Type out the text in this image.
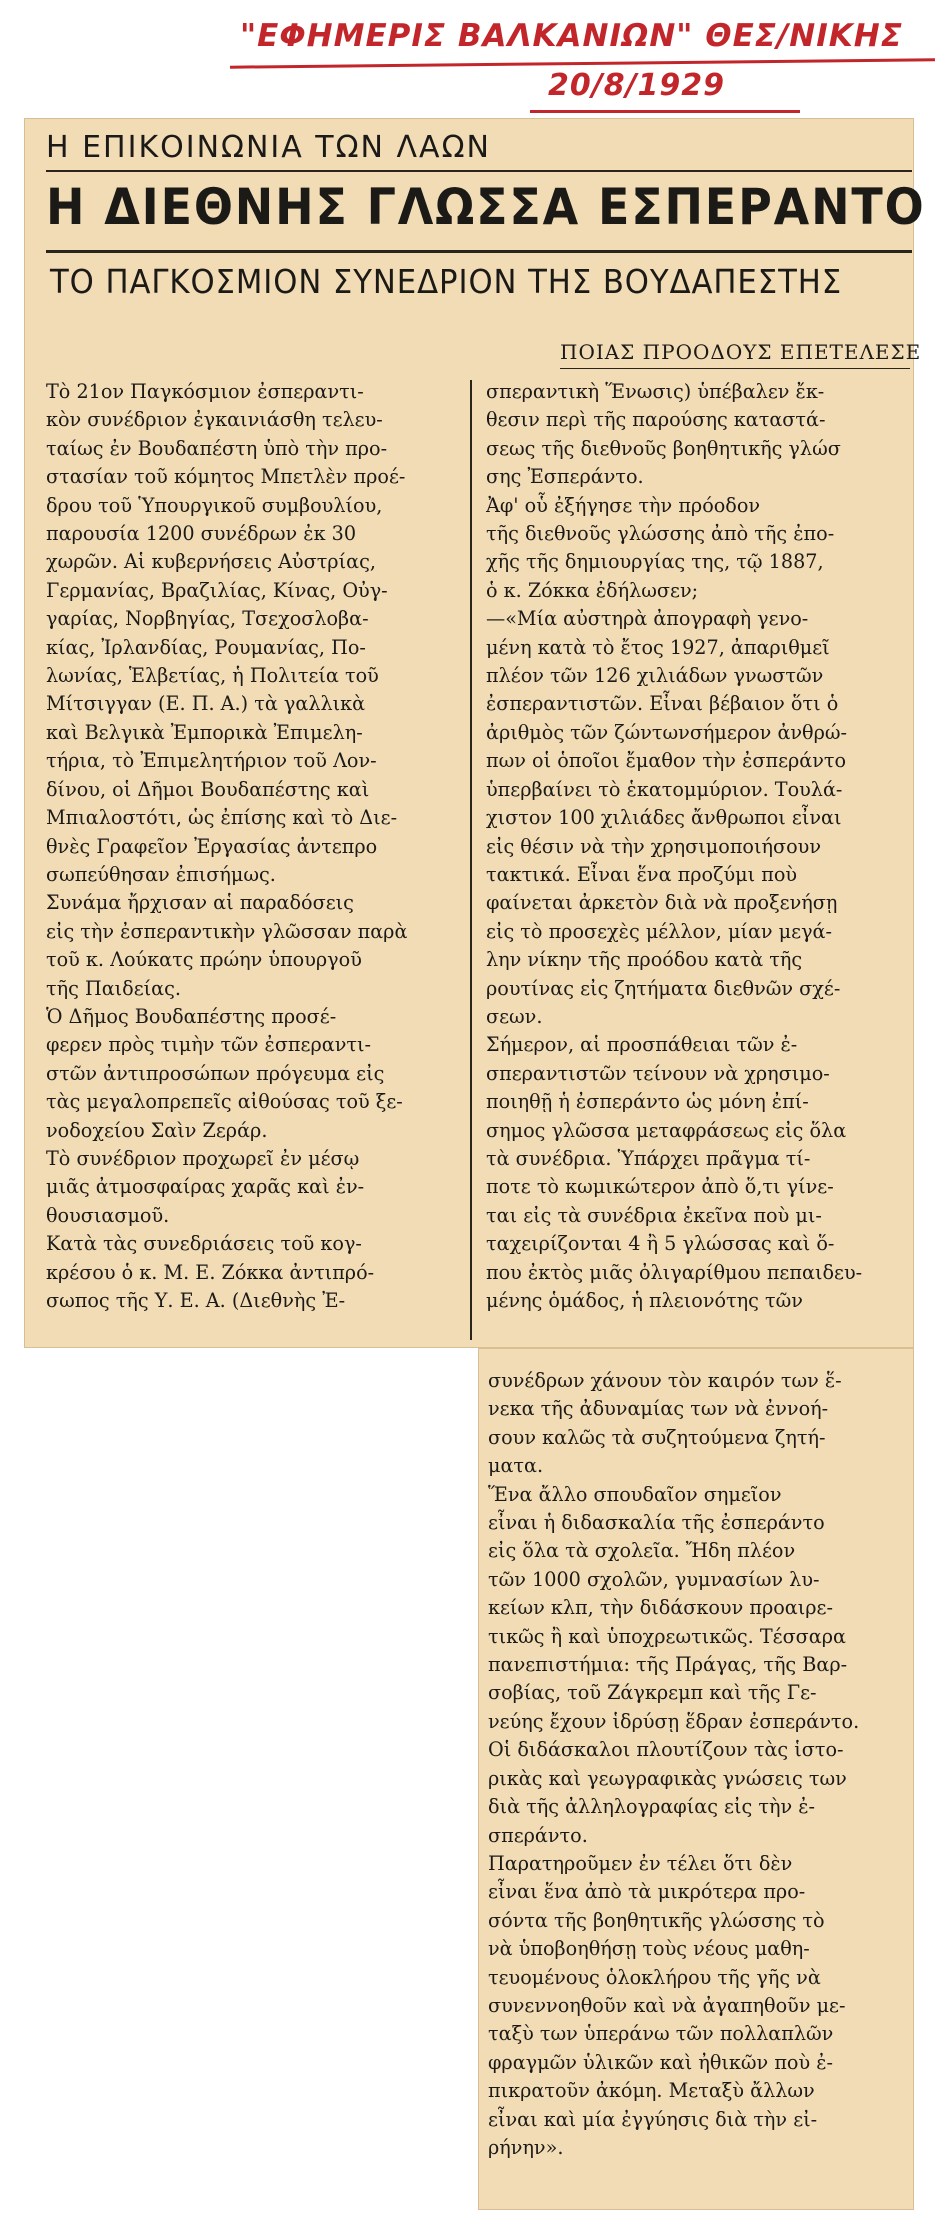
"ΕΦΗΜΕΡΙΣ ΒΑΛΚΑΝΙΩΝ" ΘΕΣ/ΝΙΚΗΣ
20/8/1929
Η ΕΠΙΚΟΙΝΩΝΙΑ ΤΩΝ ΛΑΩΝ
Η ΔΙΕΘΝΗΣ ΓΛΩΣΣΑ ΕΣΠΕΡΑΝΤΟ
ΤΟ ΠΑΓΚΟΣΜΙΟΝ ΣΥΝΕΔΡΙΟΝ ΤΗΣ ΒΟΥΔΑΠΕΣΤΗΣ
ΠΟΙΑΣ ΠΡΟΟΔΟΥΣ ΕΠΕΤΕΛΕΣΕ
Τὸ 21ον Παγκόσμιον ἐσπεραντι-
κὸν συνέδριον ἐγκαινιάσθη τελευ-
ταίως ἐν Βουδαπέστη ὑπὸ τὴν προ-
στασίαν τοῦ κόμητος Μπετλὲν προέ-
δρου τοῦ Ὑπουργικοῦ συμβουλίου,
παρουσία 1200 συνέδρων ἐκ 30
χωρῶν. Αἱ κυβερνήσεις Αὐστρίας,
Γερμανίας, Βραζιλίας, Κίνας, Οὐγ-
γαρίας, Νορβηγίας, Τσεχοσλοβα-
κίας, Ἰρλανδίας, Ρουμανίας, Πο-
λωνίας, Ἑλβετίας, ἡ Πολιτεία τοῦ
Μίτσιγγαν (Ε. Π. Α.) τὰ γαλλικὰ
καὶ Βελγικὰ Ἐμπορικὰ Ἐπιμελη-
τήρια, τὸ Ἐπιμελητήριον τοῦ Λον-
δίνου, οἱ Δῆμοι Βουδαπέστης καὶ
Μπιαλοστότι, ὡς ἐπίσης καὶ τὸ Διε-
θνὲς Γραφεῖον Ἐργασίας ἀντεπρο
σωπεύθησαν ἐπισήμως.
Συνάμα ἤρχισαν αἱ παραδόσεις
εἰς τὴν ἐσπεραντικὴν γλῶσσαν παρὰ
τοῦ κ. Λούκατς πρώην ὑπουργοῦ
τῆς Παιδείας.
Ὁ Δῆμος Βουδαπέστης προσέ-
φερεν πρὸς τιμὴν τῶν ἐσπεραντι-
στῶν ἀντιπροσώπων πρόγευμα εἰς
τὰς μεγαλοπρεπεῖς αἰθούσας τοῦ ξε-
νοδοχείου Σαὶν Ζεράρ.
Τὸ συνέδριον προχωρεῖ ἐν μέσῳ
μιᾶς ἀτμοσφαίρας χαρᾶς καὶ ἐν-
θουσιασμοῦ.
Κατὰ τὰς συνεδριάσεις τοῦ κογ-
κρέσου ὁ κ. Μ. Ε. Ζόκκα ἀντιπρό-
σωπος τῆς Υ. Ε. Α. (Διεθνὴς Ἐ-
σπεραντικὴ Ἕνωσις) ὑπέβαλεν ἔκ-
θεσιν περὶ τῆς παρούσης καταστά-
σεως τῆς διεθνοῦς βοηθητικῆς γλώσ
σης Ἐσπεράντο.
Ἀφ' οὗ ἐξήγησε τὴν πρόοδον
τῆς διεθνοῦς γλώσσης ἀπὸ τῆς ἐπο-
χῆς τῆς δημιουργίας της, τῷ 1887,
ὁ κ. Ζόκκα ἐδήλωσεν;
—«Μία αὐστηρὰ ἀπογραφὴ γενο-
μένη κατὰ τὸ ἔτος 1927, ἀπαριθμεῖ
πλέον τῶν 126 χιλιάδων γνωστῶν
ἐσπεραντιστῶν. Εἶναι βέβαιον ὅτι ὁ
ἀριθμὸς τῶν ζώντωνσήμερον ἀνθρώ-
πων οἱ ὁποῖοι ἔμαθον τὴν ἐσπεράντο
ὑπερβαίνει τὸ ἑκατομμύριον. Τουλά-
χιστον 100 χιλιάδες ἄνθρωποι εἶναι
εἰς θέσιν νὰ τὴν χρησιμοποιήσουν
τακτικά. Εἶναι ἕνα προζύμι ποὺ
φαίνεται ἀρκετὸν διὰ νὰ προξενήσῃ
εἰς τὸ προσεχὲς μέλλον, μίαν μεγά-
λην νίκην τῆς προόδου κατὰ τῆς
ρουτίνας εἰς ζητήματα διεθνῶν σχέ-
σεων.
Σήμερον, αἱ προσπάθειαι τῶν ἐ-
σπεραντιστῶν τείνουν νὰ χρησιμο-
ποιηθῇ ἡ ἐσπεράντο ὡς μόνη ἐπί-
σημος γλῶσσα μεταφράσεως εἰς ὅλα
τὰ συνέδρια. Ὑπάρχει πρᾶγμα τί-
ποτε τὸ κωμικώτερον ἀπὸ ὅ,τι γίνε-
ται εἰς τὰ συνέδρια ἐκεῖνα ποὺ μι-
ταχειρίζονται 4 ἢ 5 γλώσσας καὶ ὅ-
που ἐκτὸς μιᾶς ὀλιγαρίθμου πεπαιδευ-
μένης ὁμάδος, ἡ πλειονότης τῶν
συνέδρων χάνουν τὸν καιρόν των ἕ-
νεκα τῆς ἀδυναμίας των νὰ ἐννοή-
σουν καλῶς τὰ συζητούμενα ζητή-
ματα.
Ἕνα ἄλλο σπουδαῖον σημεῖον
εἶναι ἡ διδασκαλία τῆς ἐσπεράντο
εἰς ὅλα τὰ σχολεῖα. Ἤδη πλέον
τῶν 1000 σχολῶν, γυμνασίων λυ-
κείων κλπ, τὴν διδάσκουν προαιρε-
τικῶς ἢ καὶ ὑποχρεωτικῶς. Τέσσαρα
πανεπιστήμια: τῆς Πράγας, τῆς Βαρ-
σοβίας, τοῦ Ζάγκρεμπ καὶ τῆς Γε-
νεύης ἔχουν ἱδρύσῃ ἕδραν ἐσπεράντο.
Οἱ διδάσκαλοι πλουτίζουν τὰς ἱστο-
ρικὰς καὶ γεωγραφικὰς γνώσεις των
διὰ τῆς ἀλληλογραφίας εἰς τὴν ἐ-
σπεράντο.
Παρατηροῦμεν ἐν τέλει ὅτι δὲν
εἶναι ἕνα ἀπὸ τὰ μικρότερα προ-
σόντα τῆς βοηθητικῆς γλώσσης τὸ
νὰ ὑποβοηθήσῃ τοὺς νέους μαθη-
τευομένους ὁλοκλήρου τῆς γῆς νὰ
συνεννοηθοῦν καὶ νὰ ἀγαπηθοῦν με-
ταξὺ των ὑπεράνω τῶν πολλαπλῶν
φραγμῶν ὑλικῶν καὶ ἠθικῶν ποὺ ἐ-
πικρατοῦν ἀκόμη. Μεταξὺ ἄλλων
εἶναι καὶ μία ἐγγύησις διὰ τὴν εἰ-
ρήνην».
